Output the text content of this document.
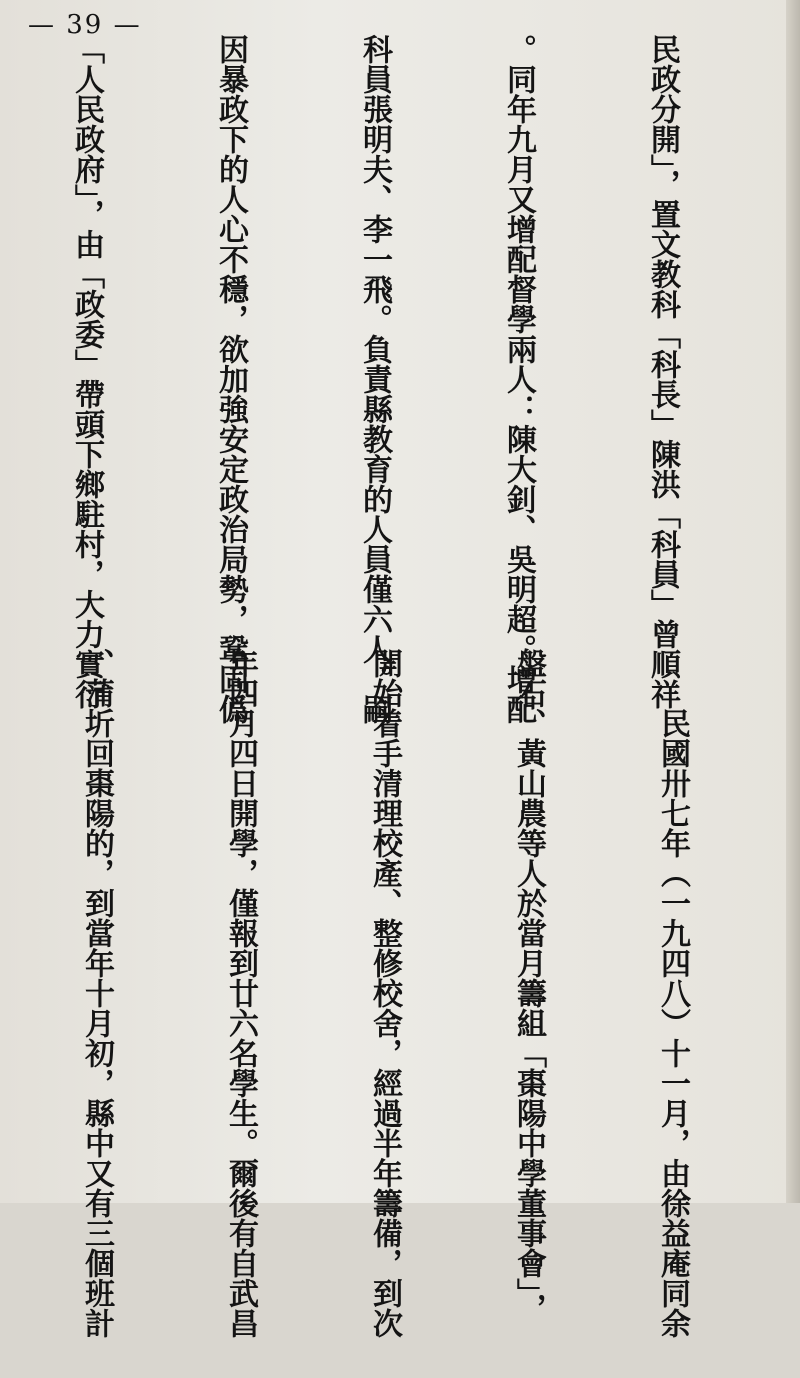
— 39 —

民政分開」，置文教科「科長」陳洪「科員」曾順祥

。同年九月又增配督學兩人：陳大釗、吳明超。增配

科員張明夫、李一飛。負責縣教育的人員僅六人。嗣

因暴政下的人心不穩，欲加強安定政治局勢，鞏固僞

「人民政府」，由「政委」帶頭下鄉駐村，大力實行

　　民國卅七年（一九四八）十一月，由徐益庵同余

盤石、黃山農等人於當月籌組「棗陽中學董事會」，

開始着手清理校產、整修校舍，經過半年籌備，到次

年四月四日開學，僅報到廿六名學生。爾後有自武昌

、蒲圻回棗陽的，到當年十月初，縣中又有三個班計
